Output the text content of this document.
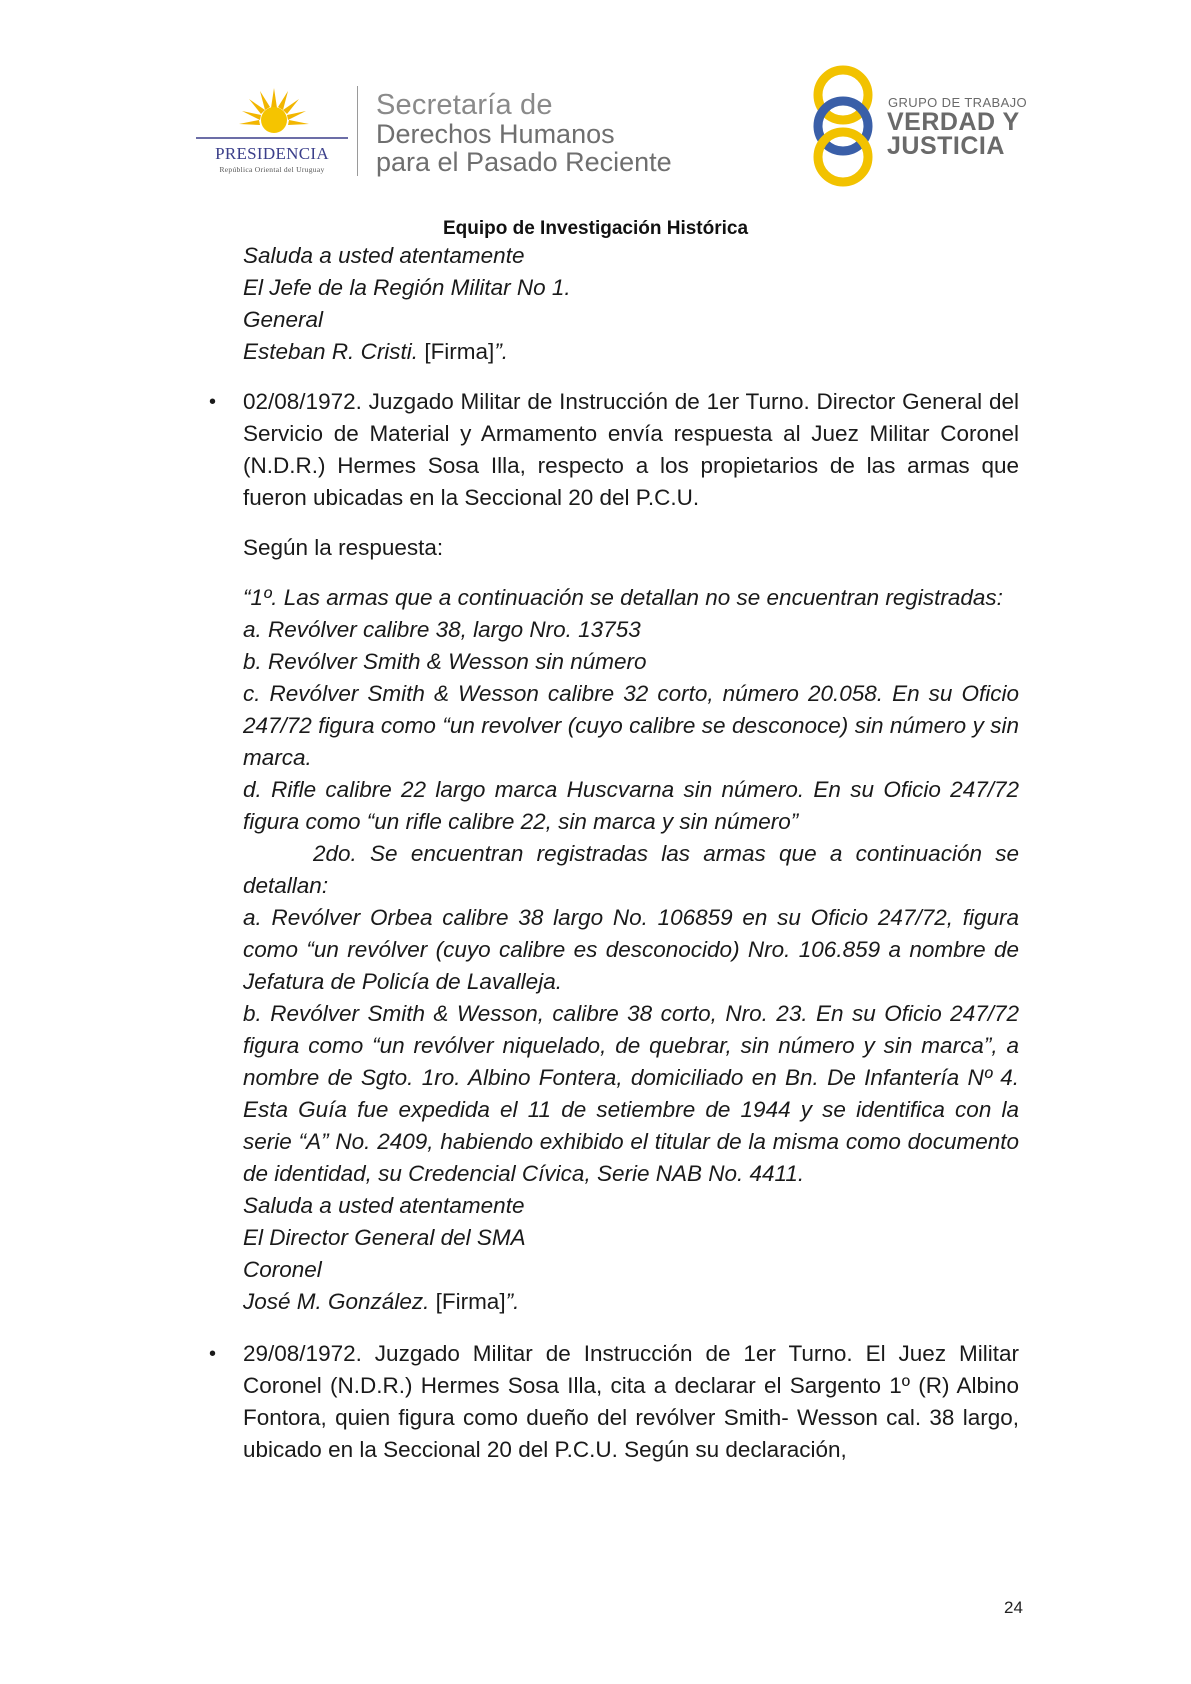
PRESIDENCIA
República Oriental del Uruguay
Secretaría de
Derechos Humanos
para el Pasado Reciente
GRUPO DE TRABAJO
VERDAD Y
JUSTICIA
Equipo de Investigación Histórica
Saluda a usted atentamente
El Jefe de la Región Militar No 1.
General
Esteban R. Cristi. [Firma]”.
• 02/08/1972. Juzgado Militar de Instrucción de 1er Turno. Director General del Servicio de Material y Armamento envía respuesta al Juez Militar Coronel (N.D.R.) Hermes Sosa Illa, respecto a los propietarios de las armas que fueron ubicadas en la Seccional 20 del P.C.U.
Según la respuesta:
“1º. Las armas que a continuación se detallan no se encuentran registradas:
a. Revólver calibre 38, largo Nro. 13753
b. Revólver Smith & Wesson sin número
c. Revólver Smith & Wesson calibre 32 corto, número 20.058. En su Oficio 247/72 figura como “un revolver (cuyo calibre se desconoce) sin número y sin marca.
d. Rifle calibre 22 largo marca Huscvarna sin número. En su Oficio 247/72 figura como “un rifle calibre 22, sin marca y sin número”
2do. Se encuentran registradas las armas que a continuación se detallan:
a. Revólver Orbea calibre 38 largo No. 106859 en su Oficio 247/72, figura como “un revólver (cuyo calibre es desconocido) Nro. 106.859 a nombre de Jefatura de Policía de Lavalleja.
b. Revólver Smith & Wesson, calibre 38 corto, Nro. 23. En su Oficio 247/72 figura como “un revólver niquelado, de quebrar, sin número y sin marca”, a nombre de Sgto. 1ro. Albino Fontera, domiciliado en Bn. De Infantería Nº 4. Esta Guía fue expedida el 11 de setiembre de 1944 y se identifica con la serie “A” No. 2409, habiendo exhibido el titular de la misma como documento de identidad, su Credencial Cívica, Serie NAB No. 4411.
Saluda a usted atentamente
El Director General del SMA
Coronel
José M. González. [Firma]”.
• 29/08/1972. Juzgado Militar de Instrucción de 1er Turno. El Juez Militar Coronel (N.D.R.) Hermes Sosa Illa, cita a declarar el Sargento 1º (R) Albino Fontora, quien figura como dueño del revólver Smith- Wesson cal. 38 largo, ubicado en la Seccional 20 del P.C.U. Según su declaración,
24
